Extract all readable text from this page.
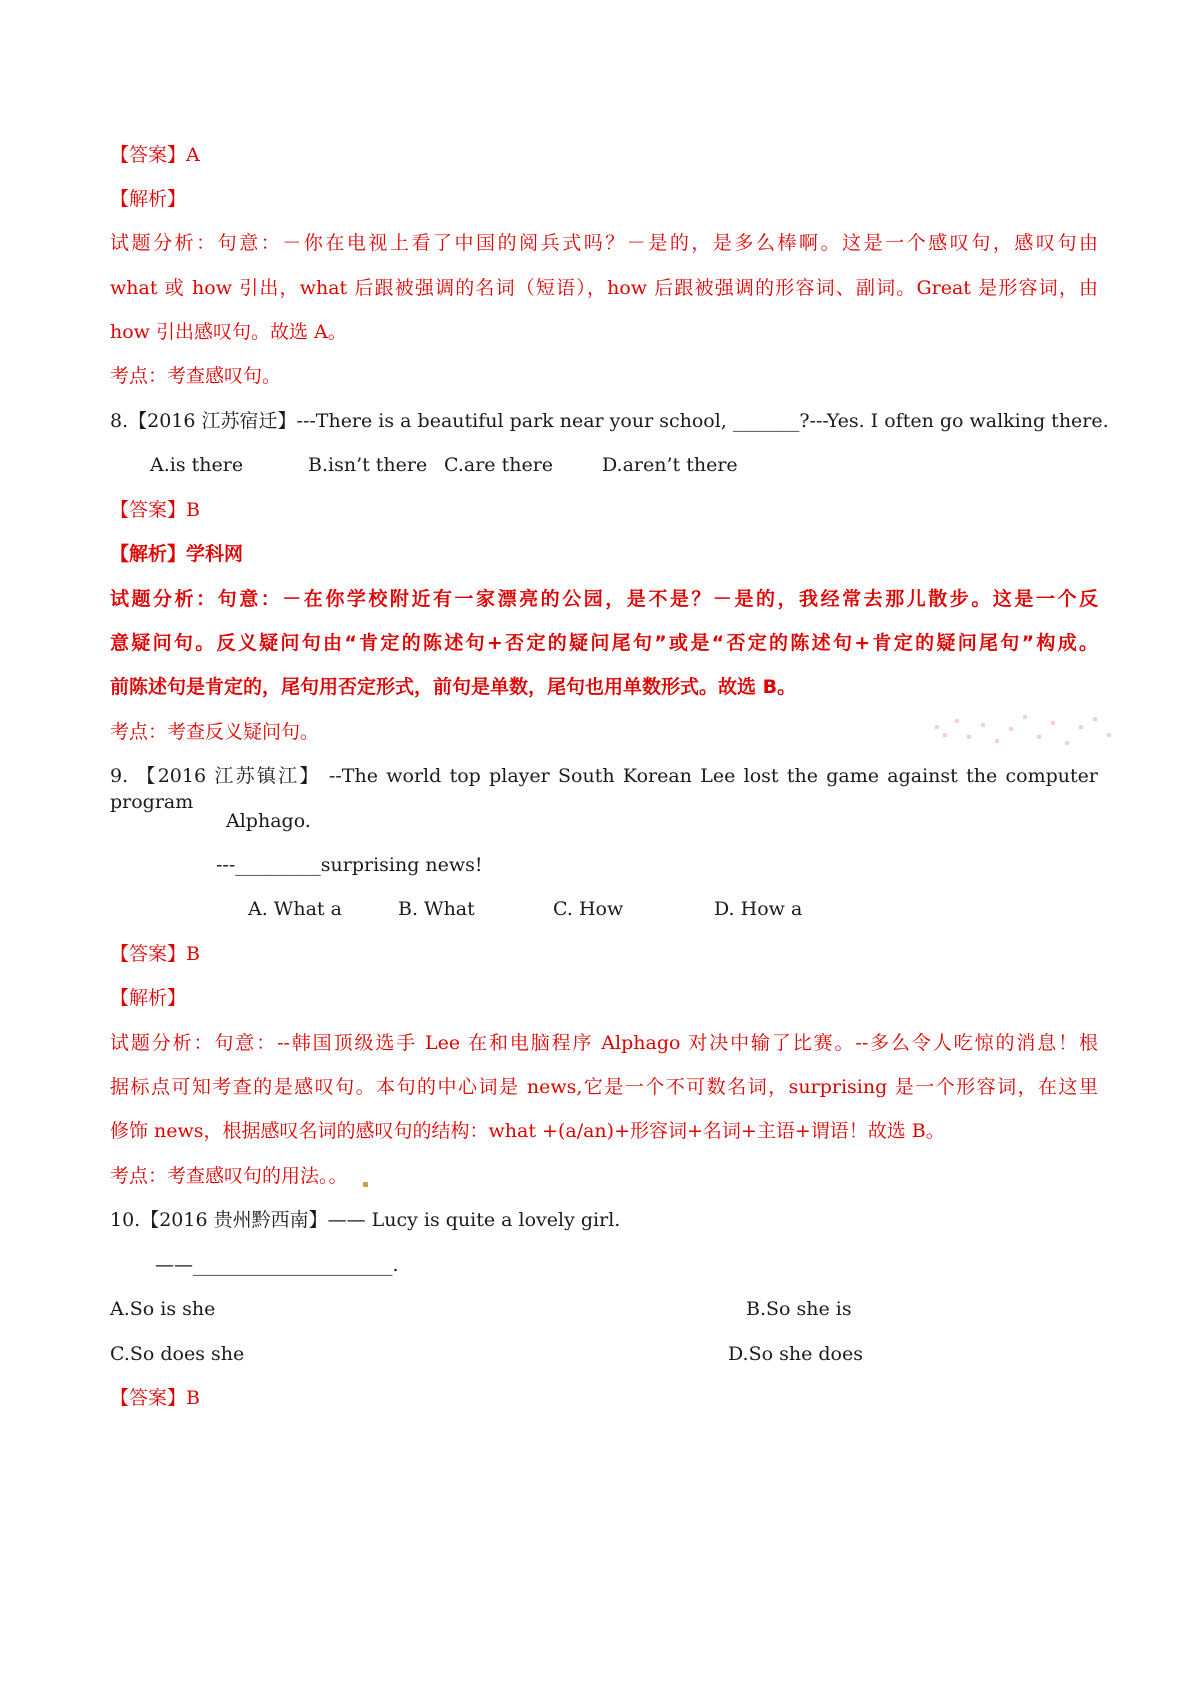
【答案】A
【解析】
试题分析：句意：－你在电视上看了中国的阅兵式吗？－是的，是多么棒啊。这是一个感叹句，感叹句由
what 或 how 引出，what 后跟被强调的名词（短语），how 后跟被强调的形容词、副词。Great 是形容词，由
how 引出感叹句。故选 A。
考点：考查感叹句。
8.【2016 江苏宿迁】---There is a beautiful park near your school, _______?---Yes. I often go walking there.
A.is there	B.isn’t there C.are there	D.aren’t there
【答案】B
【解析】学科网
试题分析：句意：－在你学校附近有一家漂亮的公园，是不是？－是的，我经常去那儿散步。这是一个反
意疑问句。反义疑问句由“肯定的陈述句+否定的疑问尾句”或是“否定的陈述句+肯定的疑问尾句”构成。
前陈述句是肯定的，尾句用否定形式，前句是单数，尾句也用单数形式。故选 B。
考点：考查反义疑问句。
9. 【2016 江苏镇江】 --The world top player South Korean Lee lost the game against the computer program
Alphago.
---_________surprising news!
A. What a	B. What	C. How	D. How a
【答案】B
【解析】
试题分析：句意：--韩国顶级选手 Lee 在和电脑程序 Alphago 对决中输了比赛。--多么令人吃惊的消息！根
据标点可知考查的是感叹句。本句的中心词是 news,它是一个不可数名词，surprising 是一个形容词，在这里
修饰 news，根据感叹名词的感叹句的结构：what +(a/an)+形容词+名词+主语+谓语！故选 B。
考点：考查感叹句的用法。。
10.【2016 贵州黔西南】—— Lucy is quite a lovely girl.
——_____________________.
A.So is she	B.So she is
C.So does she	D.So she does
【答案】B
